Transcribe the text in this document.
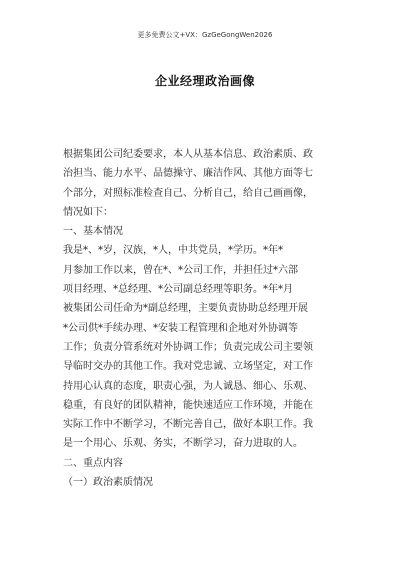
更多免费公文+VX：GzGeGongWen2026
企业经理政治画像
根据集团公司纪委要求，本人从基本信息、政治素质、政
治担当、能力水平、品德操守、廉洁作风、其他方面等七
个部分，对照标准检查自己、分析自己，给自己画画像，
情况如下：
一、基本情况
我是*、*岁，汉族，*人，中共党员，*学历。*年*
月参加工作以来，曾在*、*公司工作，并担任过*六部
项目经理、*总经理、*公司副总经理等职务。*年*月
被集团公司任命为*副总经理，主要负责协助总经理开展
*公司供*手续办理、*安装工程管理和企地对外协调等
工作；负责分管系统对外协调工作；负责完成公司主要领
导临时交办的其他工作。我对党忠诚、立场坚定，对工作
持用心认真的态度，职责心强，为人诚恳、细心、乐观、
稳重，有良好的团队精神，能快速适应工作环境，并能在
实际工作中不断学习，不断完善自己，做好本职工作。我
是一个用心、乐观、务实，不断学习，奋力进取的人。
二、重点内容
（一）政治素质情况
